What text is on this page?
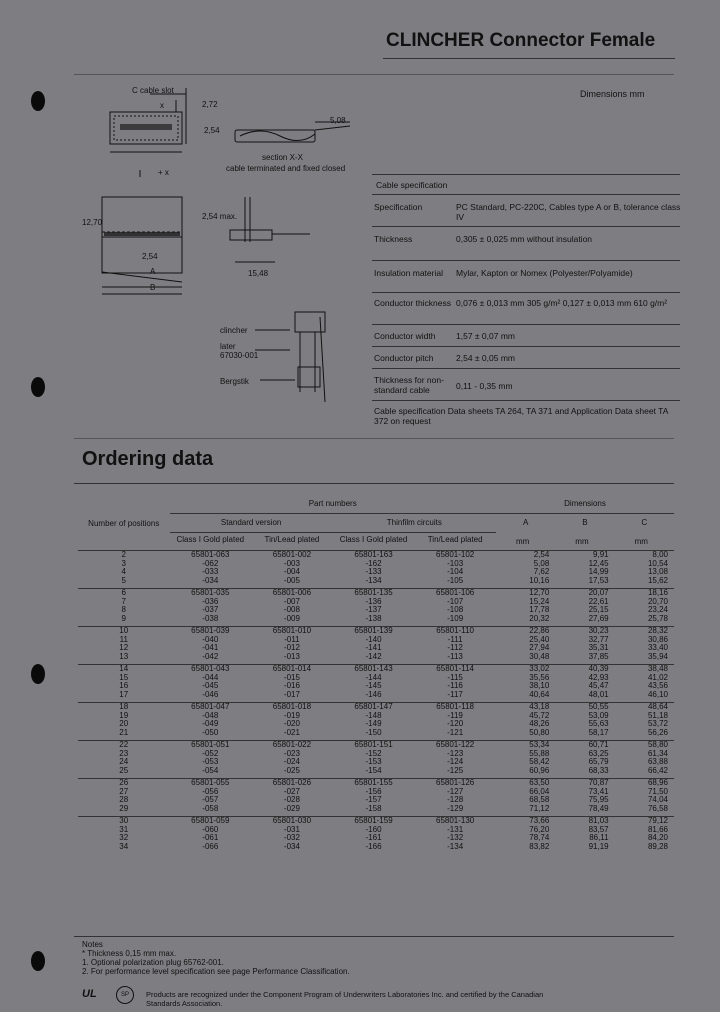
CLINCHER Connector Female
Dimensions mm
C cable slot
x	2,72
2,54
5,08
+ x
section X-X
cable terminated and fixed closed
12,70
2,54 max.
2,54
A
B
15,48
clincher
later
67030-001
Bergstik
Cable specification
Specification	PC Standard, PC-220C, Cables type A or B, tolerance class IV
Thickness	0,305 ± 0,025 mm without insulation
Insulation material	Mylar, Kapton or Nomex (Polyester/Polyamide)
Conductor thickness 0,076 ± 0,013 mm 305 g/m² 0,127 ± 0,013 mm 610 g/m²
Conductor width	1,57 ± 0,07 mm
Conductor pitch	2,54 ± 0,05 mm
Thickness for non-standard cable	0,11 - 0,35 mm
Cable specification Data sheets TA 264, TA 371 and Application Data sheet TA 372 on request
Ordering data
Number of positions	Part numbers				Dimensions		
	Standard version		Thinfilm circuits		A	B	C
	Class I Gold plated	Tin/Lead plated	Class I Gold plated	Tin/Lead plated	mm	mm	mm

2	65801-063	65801-002	65801-163	65801-102	2,54	9,91	8,00
3	-062	-003	-162	-103	5,08	12,45	10,54
4	-033	-004	-133	-104	7,62	14,99	13,08
5	-034	-005	-134	-105	10,16	17,53	15,62
6	65801-035	65801-006	65801-135	65801-106	12,70	20,07	18,16
7	-036	-007	-136	-107	15,24	22,61	20,70
8	-037	-008	-137	-108	17,78	25,15	23,24
9	-038	-009	-138	-109	20,32	27,69	25,78
10	65801-039	65801-010	65801-139	65801-110	22,86	30,23	28,32
11	-040	-011	-140	-111	25,40	32,77	30,86
12	-041	-012	-141	-112	27,94	35,31	33,40
13	-042	-013	-142	-113	30,48	37,85	35,94
14	65801-043	65801-014	65801-143	65801-114	33,02	40,39	38,48
15	-044	-015	-144	-115	35,56	42,93	41,02
16	-045	-016	-145	-116	38,10	45,47	43,56
17	-046	-017	-146	-117	40,64	48,01	46,10
18	65801-047	65801-018	65801-147	65801-118	43,18	50,55	48,64
19	-048	-019	-148	-119	45,72	53,09	51,18
20	-049	-020	-149	-120	48,26	55,63	53,72
21	-050	-021	-150	-121	50,80	58,17	56,26
22	65801-051	65801-022	65801-151	65801-122	53,34	60,71	58,80
23	-052	-023	-152	-123	55,88	63,25	61,34
24	-053	-024	-153	-124	58,42	65,79	63,88
25	-054	-025	-154	-125	60,96	68,33	66,42
26	65801-055	65801-026	65801-155	65801-126	63,50	70,87	68,96
27	-056	-027	-156	-127	66,04	73,41	71,50
28	-057	-028	-157	-128	68,58	75,95	74,04
29	-058	-029	-158	-129	71,12	78,49	76,58
30	65801-059	65801-030	65801-159	65801-130	73,66	81,03	79,12
31	-060	-031	-160	-131	76,20	83,57	81,66
32	-061	-032	-161	-132	78,74	86,11	84,20
34	-066	-034	-166	-134	83,82	91,19	89,28
Notes
* Thickness 0,15 mm max.
1. Optional polarization plug 65762-001.
2. For performance level specification see page Performance Classification.
UL	SP	Products are recognized under the Component Program of Underwriters Laboratories Inc. and certified by the Canadian
Standards Association.
